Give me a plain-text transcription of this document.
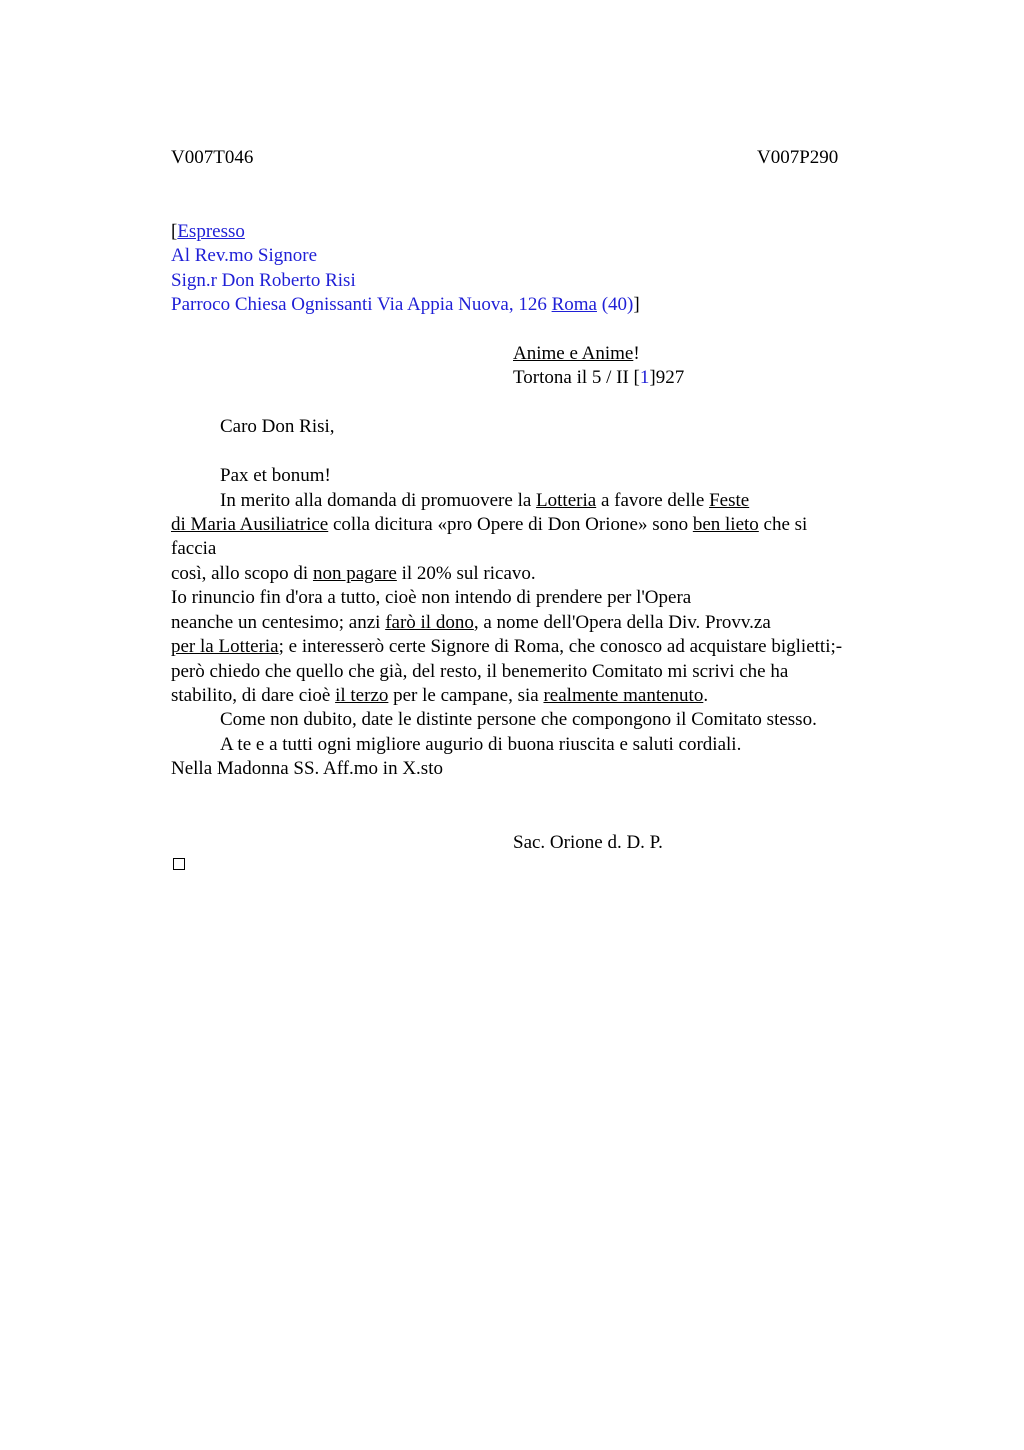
V007T046	V007P290
[Espresso
Al Rev.mo Signore
Sign.r Don Roberto Risi
Parroco Chiesa Ognissanti Via Appia Nuova, 126 Roma (40)]
Anime e Anime!
Tortona il 5 / II [1]927
Caro Don Risi,
Pax et bonum!
In merito alla domanda di promuovere la Lotteria a favore delle Feste
di Maria Ausiliatrice colla dicitura «pro Opere di Don Orione» sono ben lieto che si
faccia
così, allo scopo di non pagare il 20% sul ricavo.
Io rinuncio fin d'ora a tutto, cioè non intendo di prendere per l'Opera
neanche un centesimo; anzi farò il dono, a nome dell'Opera della Div. Provv.za
per la Lotteria; e interesserò certe Signore di Roma, che conosco ad acquistare biglietti;-
però chiedo che quello che già, del resto, il benemerito Comitato mi scrivi che ha
stabilito, di dare cioè il terzo per le campane, sia realmente mantenuto.
Come non dubito, date le distinte persone che compongono il Comitato stesso.
A te e a tutti ogni migliore augurio di buona riuscita e saluti cordiali.
Nella Madonna SS. Aff.mo in X.sto
Sac. Orione d. D. P.
